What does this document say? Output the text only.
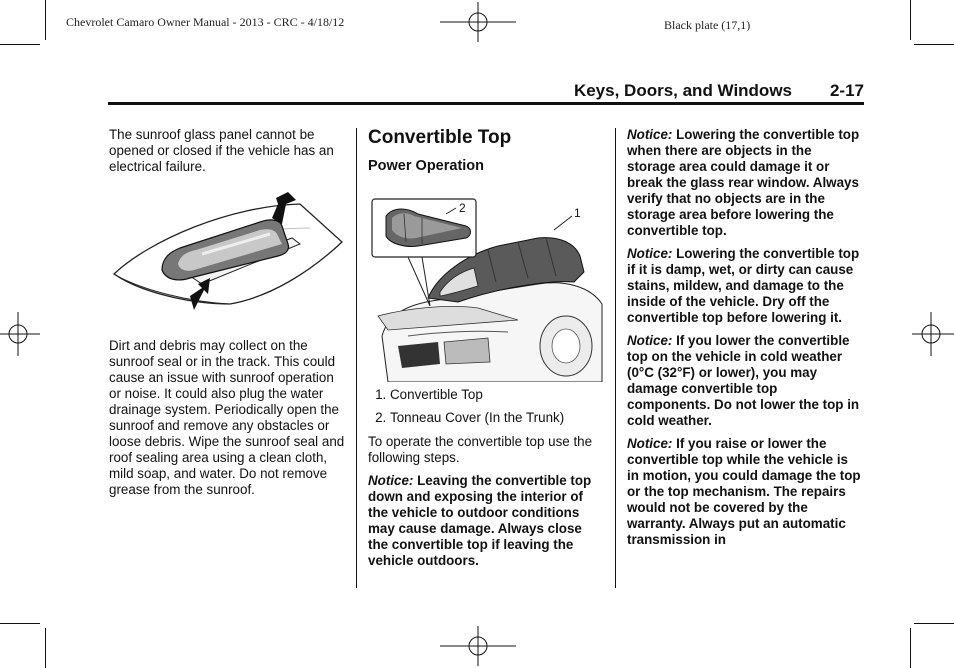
Chevrolet Camaro Owner Manual - 2013 - CRC - 4/18/12	Black plate (17,1)
Keys, Doors, and Windows 2-17

The sunroof glass panel cannot be opened or closed if the vehicle has an electrical failure.

Dirt and debris may collect on the sunroof seal or in the track. This could cause an issue with sunroof operation or noise. It could also plug the water drainage system. Periodically open the sunroof and remove any obstacles or loose debris. Wipe the sunroof seal and roof sealing area using a clean cloth, mild soap, and water. Do not remove grease from the sunroof.

Convertible Top
Power Operation
1
2
1. Convertible Top
2. Tonneau Cover (In the Trunk)

To operate the convertible top use the following steps.

Notice: Leaving the convertible top down and exposing the interior of the vehicle to outdoor conditions may cause damage. Always close the convertible top if leaving the vehicle outdoors.

Notice: Lowering the convertible top when there are objects in the storage area could damage it or break the glass rear window. Always verify that no objects are in the storage area before lowering the convertible top.

Notice: Lowering the convertible top if it is damp, wet, or dirty can cause stains, mildew, and damage to the inside of the vehicle. Dry off the convertible top before lowering it.

Notice: If you lower the convertible top on the vehicle in cold weather (0°C (32°F) or lower), you may damage convertible top components. Do not lower the top in cold weather.

Notice: If you raise or lower the convertible top while the vehicle is in motion, you could damage the top or the top mechanism. The repairs would not be covered by the warranty. Always put an automatic transmission in
